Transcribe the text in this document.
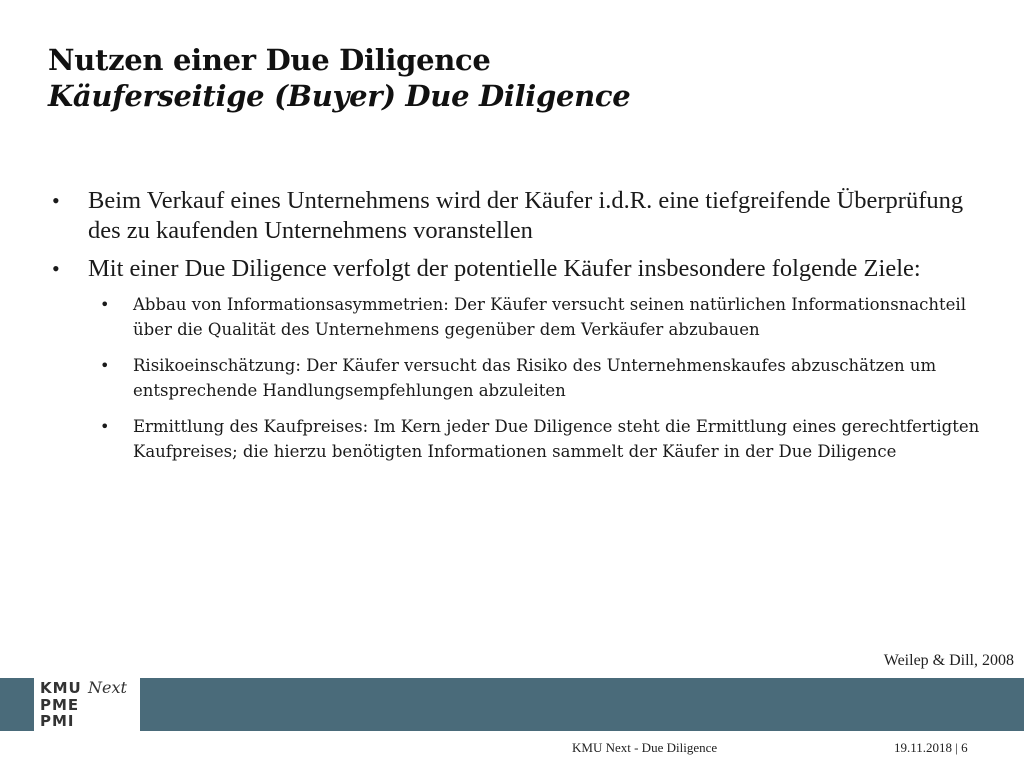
Nutzen einer Due Diligence
Käuferseitige (Buyer) Due Diligence
• Beim Verkauf eines Unternehmens wird der Käufer i.d.R. eine tiefgreifende Überprüfung des zu kaufenden Unternehmens voranstellen
• Mit einer Due Diligence verfolgt der potentielle Käufer insbesondere folgende Ziele:
• Abbau von Informationsasymmetrien: Der Käufer versucht seinen natürlichen Informationsnachteil über die Qualität des Unternehmens gegenüber dem Verkäufer abzubauen
• Risikoeinschätzung: Der Käufer versucht das Risiko des Unternehmenskaufes abzuschätzen um entsprechende Handlungsempfehlungen abzuleiten
• Ermittlung des Kaufpreises: Im Kern jeder Due Diligence steht die Ermittlung eines gerechtfertigten Kaufpreises; die hierzu benötigten Informationen sammelt der Käufer in der Due Diligence
Weilep & Dill, 2008
KMU
PME
PMI
Next
KMU Next - Due Diligence	19.11.2018 | 6
